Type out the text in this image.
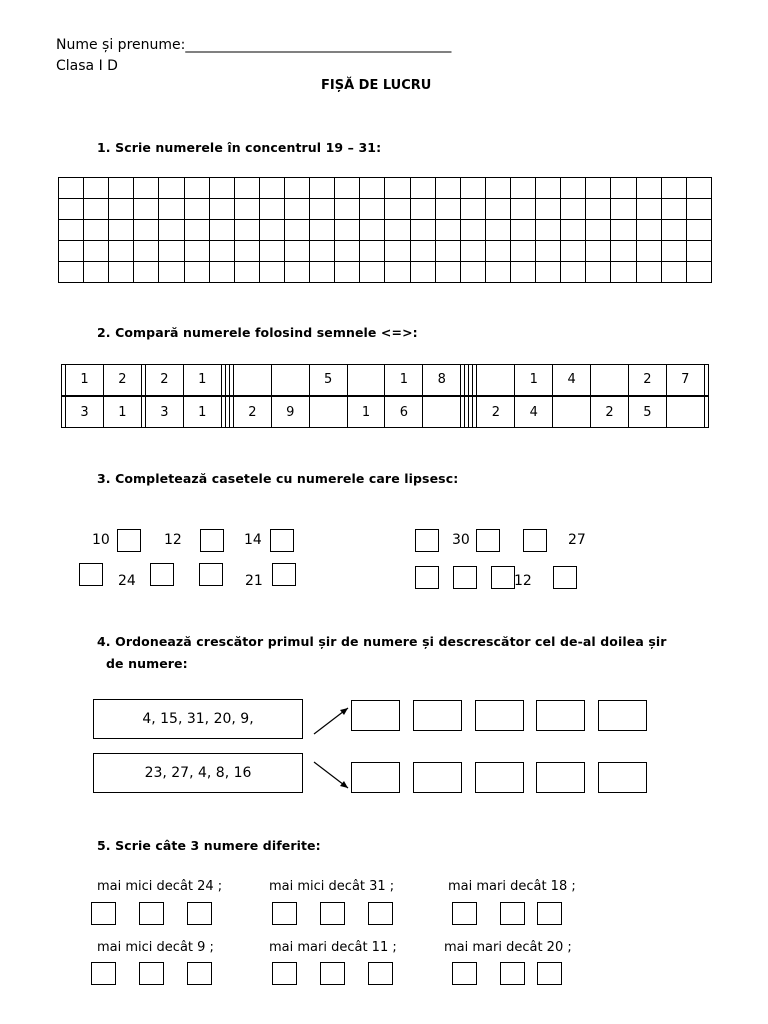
Nume și prenume:______________________________________
Clasa I D
FIȘĂ DE LUCRU
1. Scrie numerele în concentrul 19 – 31:

2. Compară numerele folosind semnele <=>:
	1	2		2	1						5		1	8						1	4		2	7	

	3	1		3	1				2	9		1	6						2	4		2	5		
3. Completează casetele cu numerele care lipsesc:
10	12	14
24	21
30	27
12
4. Ordonează crescător primul șir de numere și descrescător cel de-al doilea șir
de numere:
4, 15, 31, 20, 9,
23, 27, 4, 8, 16
5. Scrie câte 3 numere diferite:
mai mici decât 24 ;	mai mici decât 31 ;	mai mari decât 18 ;
mai mici decât 9 ;	mai mari decât 11 ;	mai mari decât 20 ;
